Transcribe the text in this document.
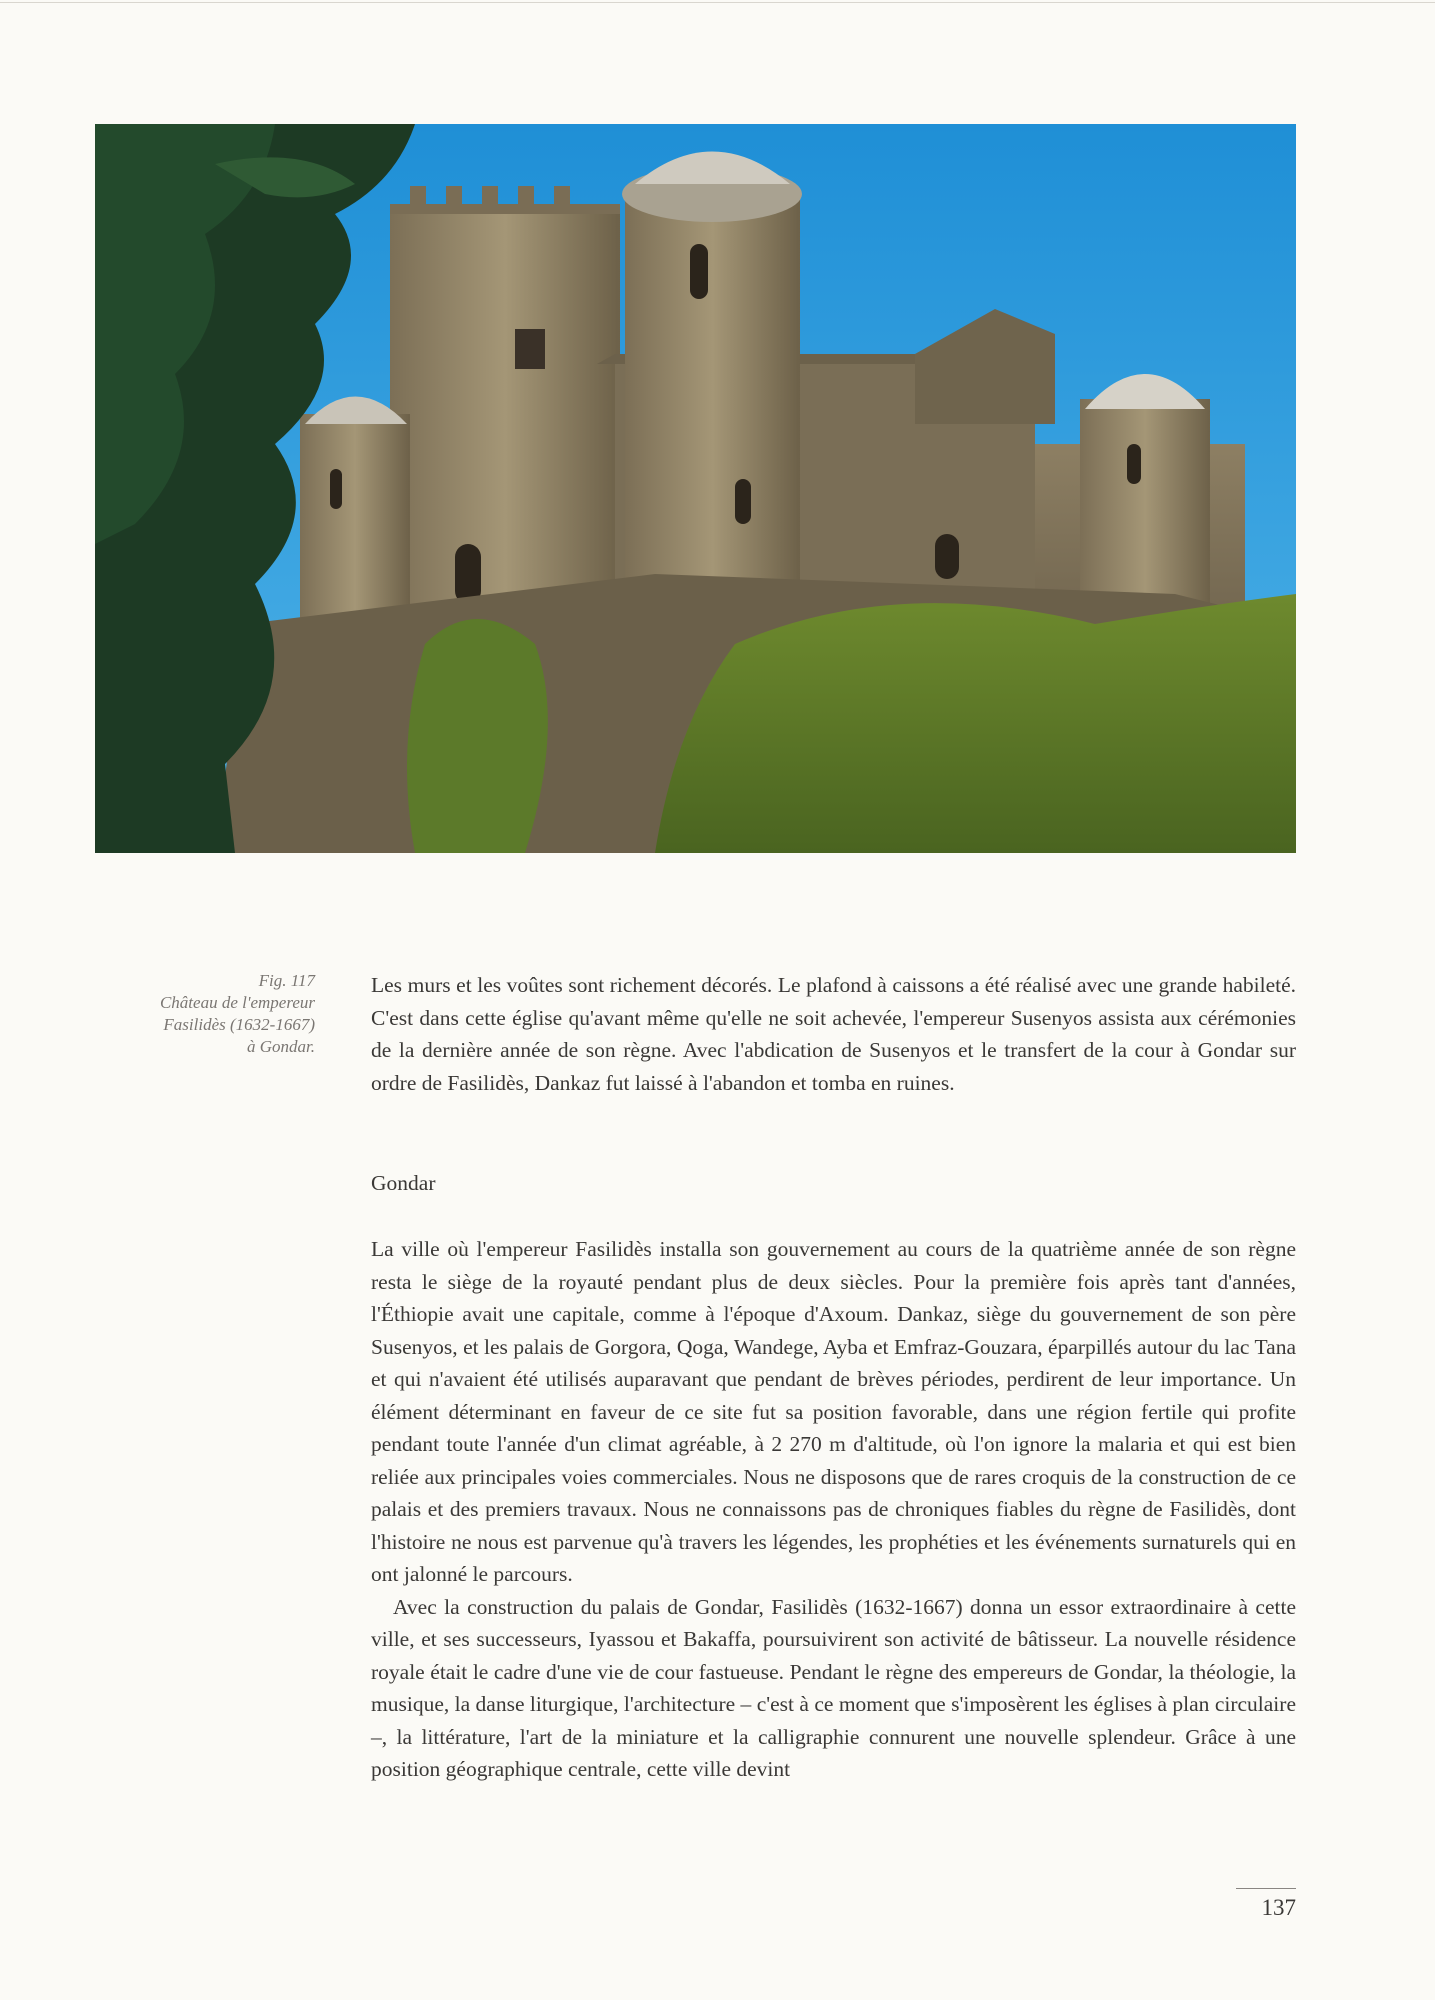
Fig. 117
Château de l'empereur
Fasilidès (1632-1667)
à Gondar.

Les murs et les voûtes sont richement décorés. Le plafond à caissons a été réalisé avec une grande habileté. C'est dans cette église qu'avant même qu'elle ne soit achevée, l'empereur Susenyos assista aux cérémonies de la dernière année de son règne. Avec l'abdication de Susenyos et le transfert de la cour à Gondar sur ordre de Fasilidès, Dankaz fut laissé à l'abandon et tomba en ruines.

Gondar

La ville où l'empereur Fasilidès installa son gouvernement au cours de la quatrième année de son règne resta le siège de la royauté pendant plus de deux siècles. Pour la première fois après tant d'années, l'Éthiopie avait une capitale, comme à l'époque d'Axoum. Dankaz, siège du gouvernement de son père Susenyos, et les palais de Gorgora, Qoga, Wandege, Ayba et Emfraz-Gouzara, éparpillés autour du lac Tana et qui n'avaient été utilisés auparavant que pendant de brèves périodes, perdirent de leur importance. Un élément déterminant en faveur de ce site fut sa position favorable, dans une région fertile qui profite pendant toute l'année d'un climat agréable, à 2 270 m d'altitude, où l'on ignore la malaria et qui est bien reliée aux principales voies commerciales. Nous ne disposons que de rares croquis de la construction de ce palais et des premiers travaux. Nous ne connaissons pas de chroniques fiables du règne de Fasilidès, dont l'histoire ne nous est parvenue qu'à travers les légendes, les prophéties et les événements surnaturels qui en ont jalonné le parcours.

Avec la construction du palais de Gondar, Fasilidès (1632-1667) donna un essor extraordinaire à cette ville, et ses successeurs, Iyassou et Bakaffa, poursuivirent son activité de bâtisseur. La nouvelle résidence royale était le cadre d'une vie de cour fastueuse. Pendant le règne des empereurs de Gondar, la théologie, la musique, la danse liturgique, l'architecture – c'est à ce moment que s'imposèrent les églises à plan circulaire –, la littérature, l'art de la miniature et la calligraphie connurent une nouvelle splendeur. Grâce à une position géographique centrale, cette ville devint

137
